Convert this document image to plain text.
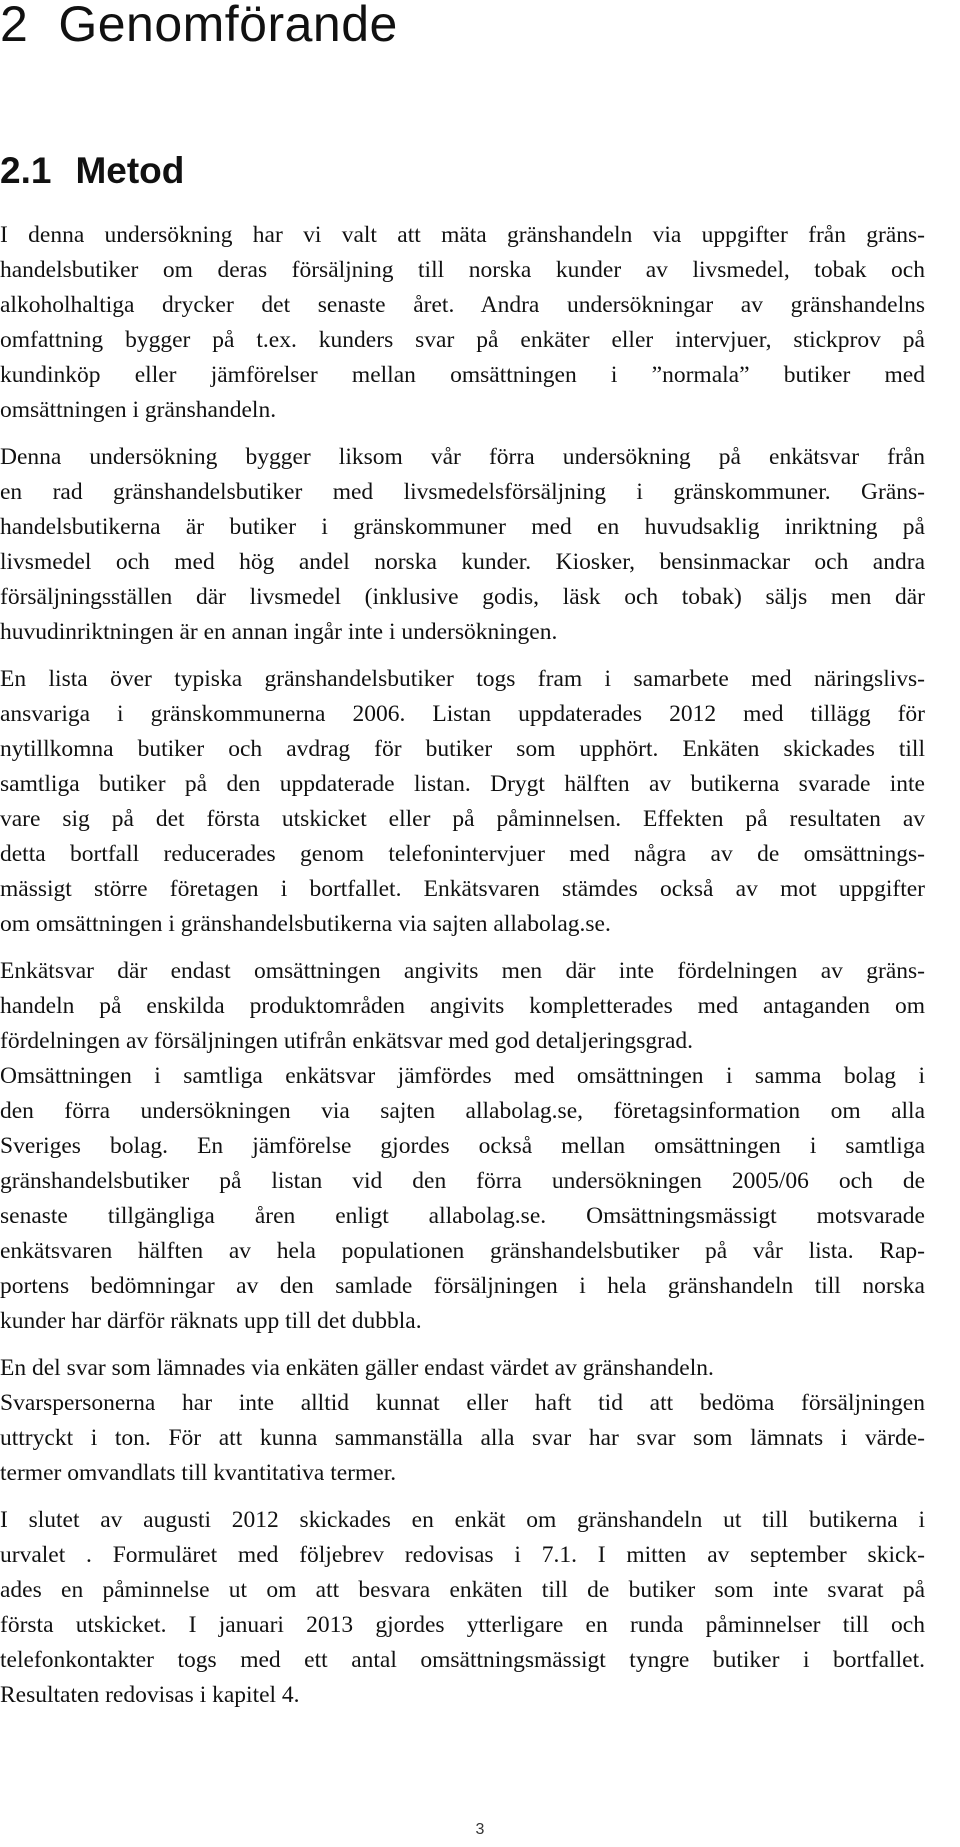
2 Genomförande
2.1 Metod

I denna undersökning har vi valt att mäta gränshandeln via uppgifter från gräns-
handelsbutiker om deras försäljning till norska kunder av livsmedel, tobak och
alkoholhaltiga drycker det senaste året. Andra undersökningar av gränshandelns
omfattning bygger på t.ex. kunders svar på enkäter eller intervjuer, stickprov på
kundinköp eller jämförelser mellan omsättningen i ”normala” butiker med
omsättningen i gränshandeln.

Denna undersökning bygger liksom vår förra undersökning på enkätsvar från
en rad gränshandelsbutiker med livsmedelsförsäljning i gränskommuner. Gräns-
handelsbutikerna är butiker i gränskommuner med en huvudsaklig inriktning på
livsmedel och med hög andel norska kunder. Kiosker, bensinmackar och andra
försäljningsställen där livsmedel (inklusive godis, läsk och tobak) säljs men där
huvudinriktningen är en annan ingår inte i undersökningen.

En lista över typiska gränshandelsbutiker togs fram i samarbete med näringslivs-
ansvariga i gränskommunerna 2006. Listan uppdaterades 2012 med tillägg för
nytillkomna butiker och avdrag för butiker som upphört. Enkäten skickades till
samtliga butiker på den uppdaterade listan. Drygt hälften av butikerna svarade inte
vare sig på det första utskicket eller på påminnelsen. Effekten på resultaten av
detta bortfall reducerades genom telefonintervjuer med några av de omsättnings-
mässigt större företagen i bortfallet. Enkätsvaren stämdes också av mot uppgifter
om omsättningen i gränshandelsbutikerna via sajten allabolag.se.

Enkätsvar där endast omsättningen angivits men där inte fördelningen av gräns-
handeln på enskilda produktområden angivits kompletterades med antaganden om
fördelningen av försäljningen utifrån enkätsvar med god detaljeringsgrad.
Omsättningen i samtliga enkätsvar jämfördes med omsättningen i samma bolag i
den förra undersökningen via sajten allabolag.se, företagsinformation om alla
Sveriges bolag. En jämförelse gjordes också mellan omsättningen i samtliga
gränshandelsbutiker på listan vid den förra undersökningen 2005/06 och de
senaste tillgängliga åren enligt allabolag.se. Omsättningsmässigt motsvarade
enkätsvaren hälften av hela populationen gränshandelsbutiker på vår lista. Rap-
portens bedömningar av den samlade försäljningen i hela gränshandeln till norska
kunder har därför räknats upp till det dubbla.

En del svar som lämnades via enkäten gäller endast värdet av gränshandeln.
Svarspersonerna har inte alltid kunnat eller haft tid att bedöma försäljningen
uttryckt i ton. För att kunna sammanställa alla svar har svar som lämnats i värde-
termer omvandlats till kvantitativa termer.

I slutet av augusti 2012 skickades en enkät om gränshandeln ut till butikerna i
urvalet . Formuläret med följebrev redovisas i 7.1. I mitten av september skick-
ades en påminnelse ut om att besvara enkäten till de butiker som inte svarat på
första utskicket. I januari 2013 gjordes ytterligare en runda påminnelser till och
telefonkontakter togs med ett antal omsättningsmässigt tyngre butiker i bortfallet.
Resultaten redovisas i kapitel 4.

3
